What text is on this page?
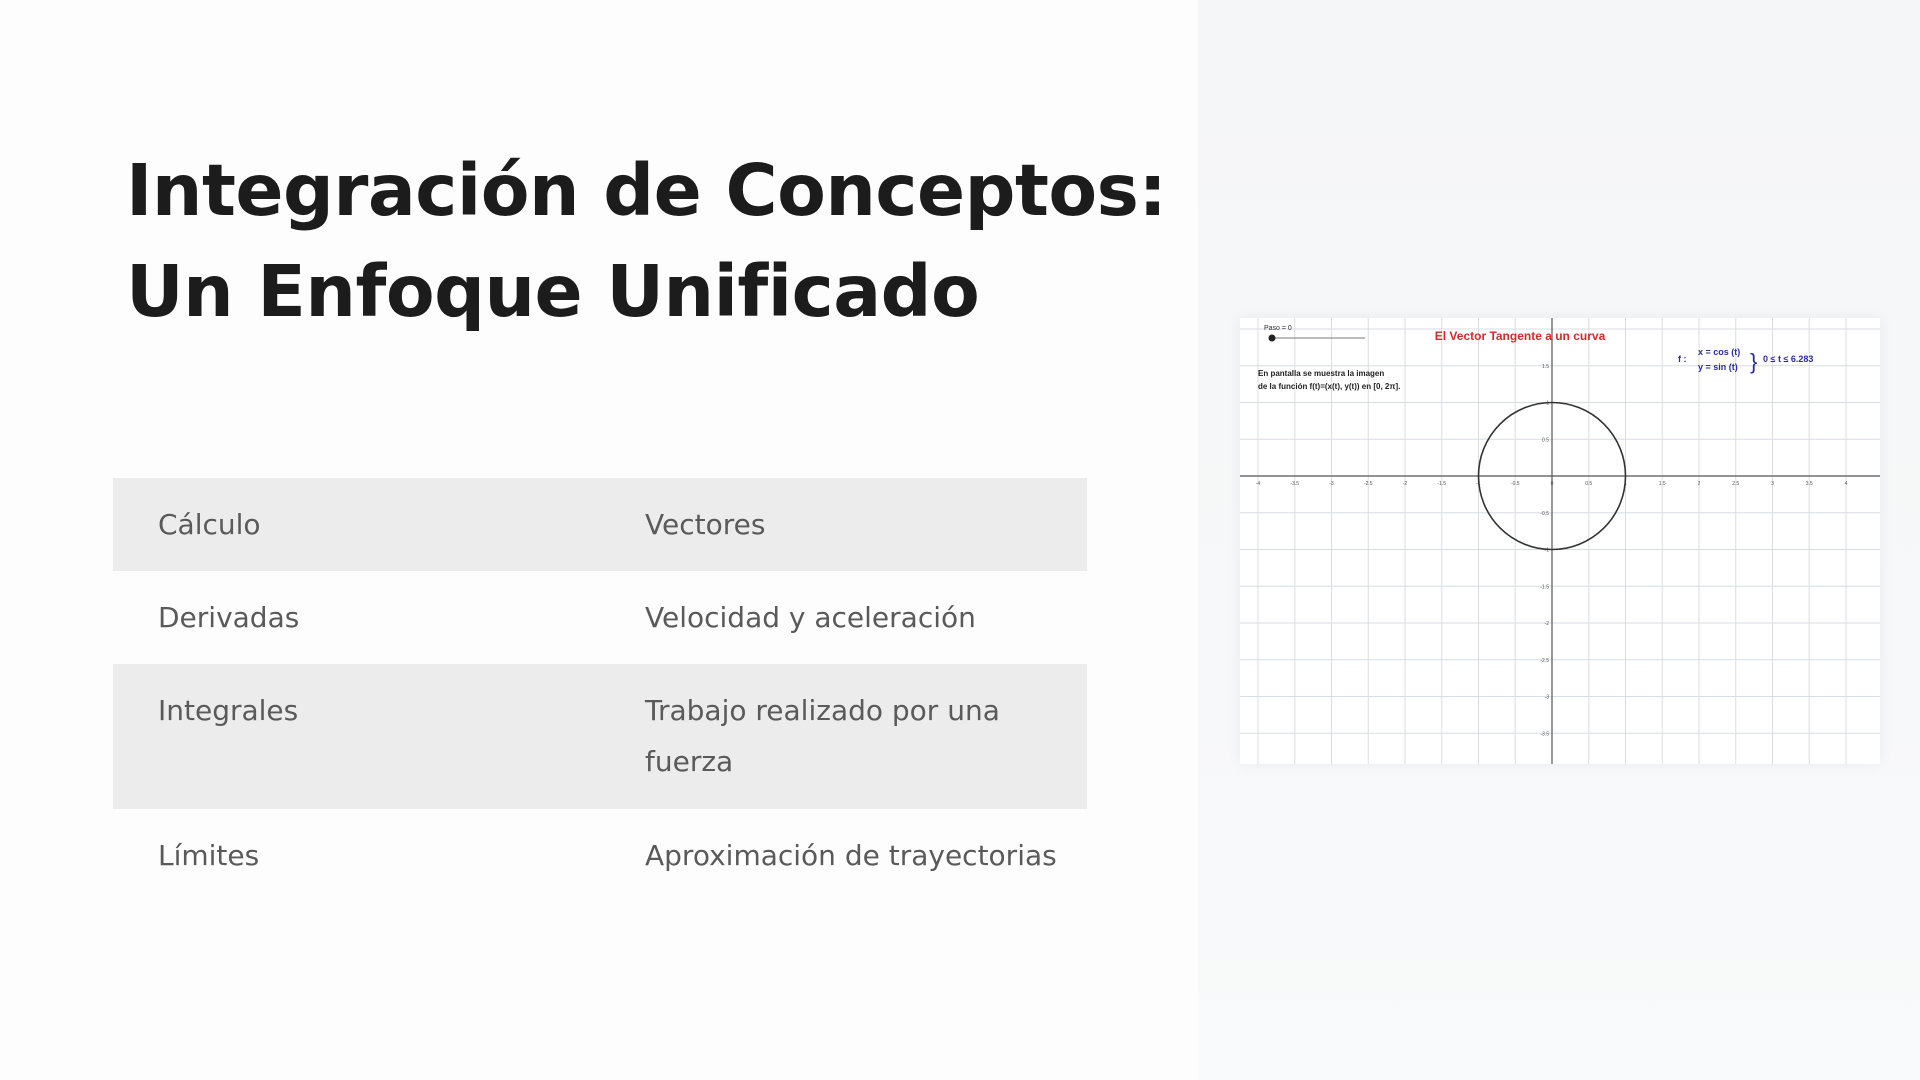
Integración de Conceptos:
Un Enfoque Unificado
Cálculo	Vectores
Derivadas	Velocidad y aceleración
Integrales	Trabajo realizado por una fuerza
Límites	Aproximación de trayectorias
-4	-3.5	-3	-2.5	-2	-1.5	-1	-0.5	0	0.5	1	1.5	2	2.5	3	3.5	4
1.5
1
0.5
-0.5
-1
-1.5
-2
-2.5
-3
-3.5
Paso = 0
El Vector Tangente a un curva
En pantalla se muestra la imagen
de la función f(t)=(x(t), y(t)) en [0, 2π].
f :
x = cos (t)
y = sin (t) } 0 ≤ t ≤ 6.283
